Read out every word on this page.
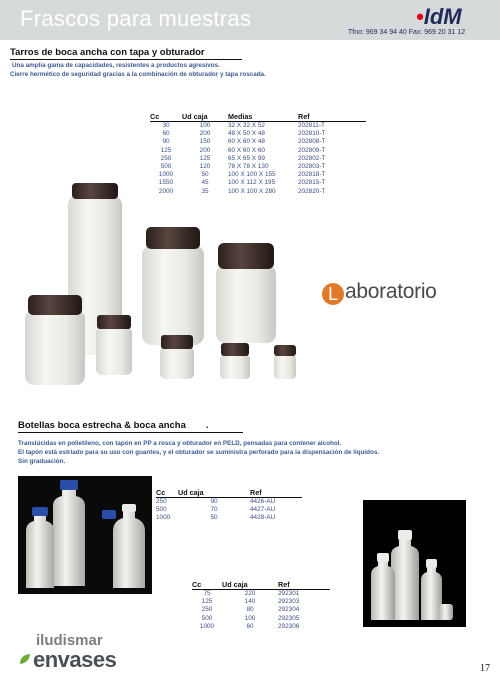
Frascos para muestras	•IdM
Tfno: 969 34 94 40 Fax: 969 20 31 12
Tarros de boca ancha con tapa y obturador
Una amplia gama de capacidades, resistentes a productos agresivos.
Cierre hermético de seguridad gracias a la combinación de obturador y tapa roscada.
Cc	Ud caja	Medias	Ref
30	100	32 X 32 X 52	202811-T
60	200	48 X 50 X 48	202810-T
90	150	60 X 60 X 48	202808-T
125	200	60 X 60 X 60	202809-T
250	125	65 X 65 X 99	202802-T
500	120	78 X 78 X 130	202803-T
1000	50	100 X 100 X 155	202818-T
1550	45	100 X 112 X 195	202815-T
2000	35	100 X 100 X 280	202820-T
L aboratorio
Botellas boca estrecha & boca ancha .
Translúcidas en polietileno, con tapón en PP a rosca y obturador en PELD, pensadas para contener alcohol.
El tapón está estriado para su uso con guantes, y el obturador se suministra perforado para la dispensación de líquidos.
Sin graduación.
Cc	Ud caja	Ref
250	90	4426-AU
500	70	4427-AU
1000	50	4428-AU
Cc	Ud caja	Ref
75	220	292301
125	140	292303
250	80	292304
500	100	292305
1000	60	292306
iludismar
envases	17
